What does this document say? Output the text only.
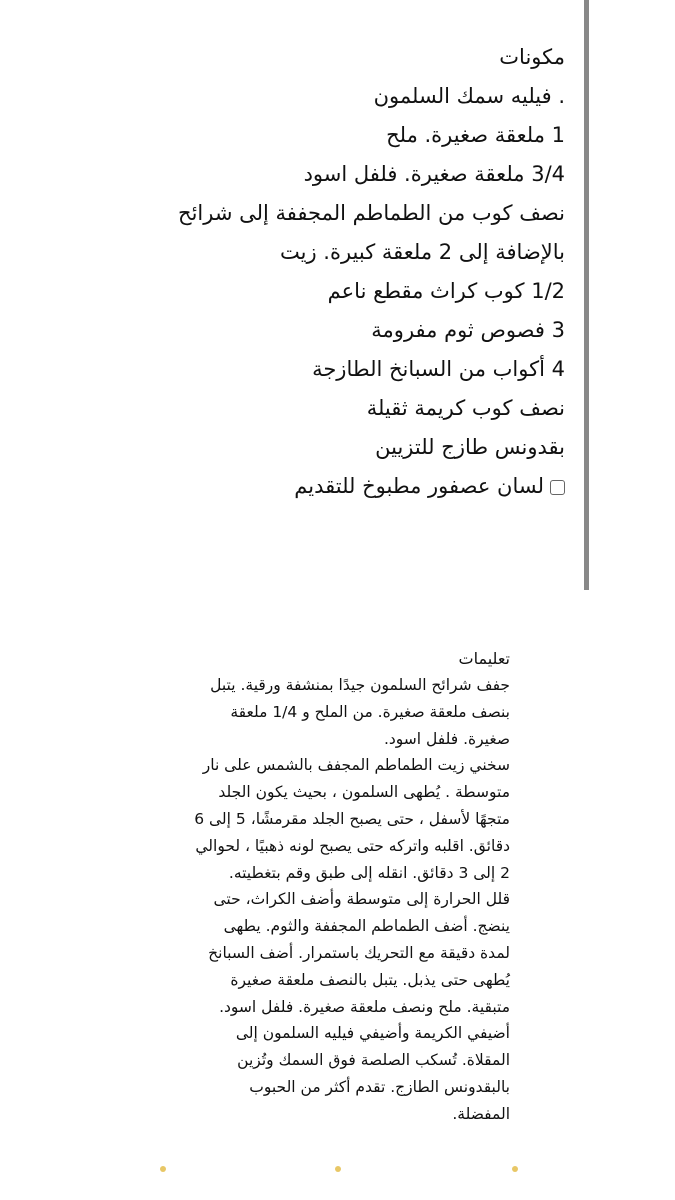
مكونات
. فيليه سمك السلمون
1 ملعقة صغيرة. ملح
3/4 ملعقة صغيرة. فلفل اسود
نصف كوب من الطماطم المجففة إلى شرائح
بالإضافة إلى 2 ملعقة كبيرة. زيت
1/2 كوب كراث مقطع ناعم
3 فصوص ثوم مفرومة
4 أكواب من السبانخ الطازجة
نصف كوب كريمة ثقيلة
بقدونس طازج للتزيين
لسان عصفور مطبوخ للتقديم
تعليمات
جفف شرائح السلمون جيدًا بمنشفة ورقية. يتبل
بنصف ملعقة صغيرة. من الملح و 1/4 ملعقة
صغيرة. فلفل اسود.
سخني زيت الطماطم المجفف بالشمس على نار
متوسطة . يُطهى السلمون ، بحيث يكون الجلد
متجهًا لأسفل ، حتى يصبح الجلد مقرمشًا، 5 إلى 6
دقائق. اقلبه واتركه حتى يصبح لونه ذهبيًا ، لحوالي
2 إلى 3 دقائق. انقله إلى طبق وقم بتغطيته.
قلل الحرارة إلى متوسطة وأضف الكراث، حتى
ينضج. أضف الطماطم المجففة والثوم. يطهى
لمدة دقيقة مع التحريك باستمرار. أضف السبانخ
يُطهى حتى يذبل. يتبل بالنصف ملعقة صغيرة
متبقية. ملح ونصف ملعقة صغيرة. فلفل اسود.
أضيفي الكريمة وأضيفي فيليه السلمون إلى
المقلاة. تُسكب الصلصة فوق السمك وتُزين
بالبقدونس الطازج. تقدم أكثر من الحبوب
المفضلة.
